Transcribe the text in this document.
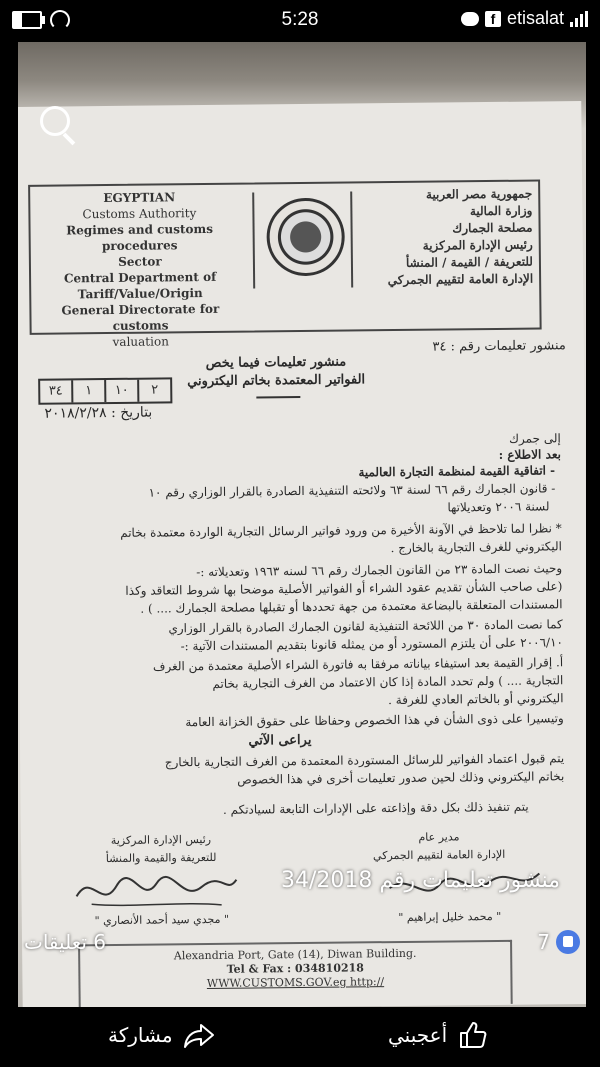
5:28	f etisalat
EGYPTIAN
Customs Authority
Regimes and customs procedures
Sector
Central Department of
Tariff/Value/Origin
General Directorate for customs
valuation
جمهورية مصر العربية
وزارة المالية
مصلحة الجمارك
رئيس الإدارة المركزية
للتعريفة / القيمة / المنشأ
الإدارة العامة لتقييم الجمركي
منشور تعليمات رقم : ٣٤
منشور تعليمات فيما يخص
الفواتير المعتمدة بخاتم اليكتروني
٣٤	١	١٠	٢
بتاريخ : ٢٠١٨/٢/٢٨
إلى جمرك
بعد الاطلاع :
- اتفاقية القيمة لمنظمة التجارة العالمية
- قانون الجمارك رقم ٦٦ لسنة ٦٣ ولائحته التنفيذية الصادرة بالقرار الوزاري رقم ١٠
لسنة ٢٠٠٦ وتعديلاتها
* نظرا لما تلاحظ في الآونة الأخيرة من ورود فواتير الرسائل التجارية الواردة معتمدة بخاتم
اليكتروني للغرف التجارية بالخارج .
وحيث نصت المادة ٢٣ من القانون الجمارك رقم ٦٦ لسنه ١٩٦٣ وتعديلاته :-
(على صاحب الشأن تقديم عقود الشراء أو الفواتير الأصلية موضحا بها شروط التعاقد وكذا
المستندات المتعلقة بالبضاعة معتمدة من جهة تحددها أو تقبلها مصلحة الجمارك .... ) .
كما نصت المادة ٣٠ من اللائحة التنفيذية لقانون الجمارك الصادرة بالقرار الوزاري
٢٠٠٦/١٠ على أن يلتزم المستورد أو من يمثله قانونا بتقديم المستندات الآتية :-
أ. إقرار القيمة بعد استيفاء بياناته مرفقا به فاتورة الشراء الأصلية معتمدة من الغرف
التجارية .... ) ولم تحدد المادة إذا كان الاعتماد من الغرف التجارية بخاتم
اليكتروني أو بالخاتم العادي للغرفة .
وتيسيرا على ذوى الشأن في هذا الخصوص وحفاظا على حقوق الخزانة العامة
يراعى الآتي
يتم قبول اعتماد الفواتير للرسائل المستوردة المعتمدة من الغرف التجارية بالخارج
بخاتم اليكتروني وذلك لحين صدور تعليمات أخرى في هذا الخصوص
يتم تنفيذ ذلك بكل دقة وإذاعته على الإدارات التابعة لسيادتكم .
رئيس الإدارة المركزية
للتعريفة والقيمة والمنشأ
" مجدي سيد أحمد الأنصاري "
مدير عام
الإدارة العامة لتقييم الجمركي
" محمد خليل إبراهيم "
Alexandria Port, Gate (14), Diwan Building.
Tel & Fax : 034810218
WWW.CUSTOMS.GOV.eg http://
منشور تعليمات رقم 34/2018
6 تعليقات	7
مشاركة	أعجبني
